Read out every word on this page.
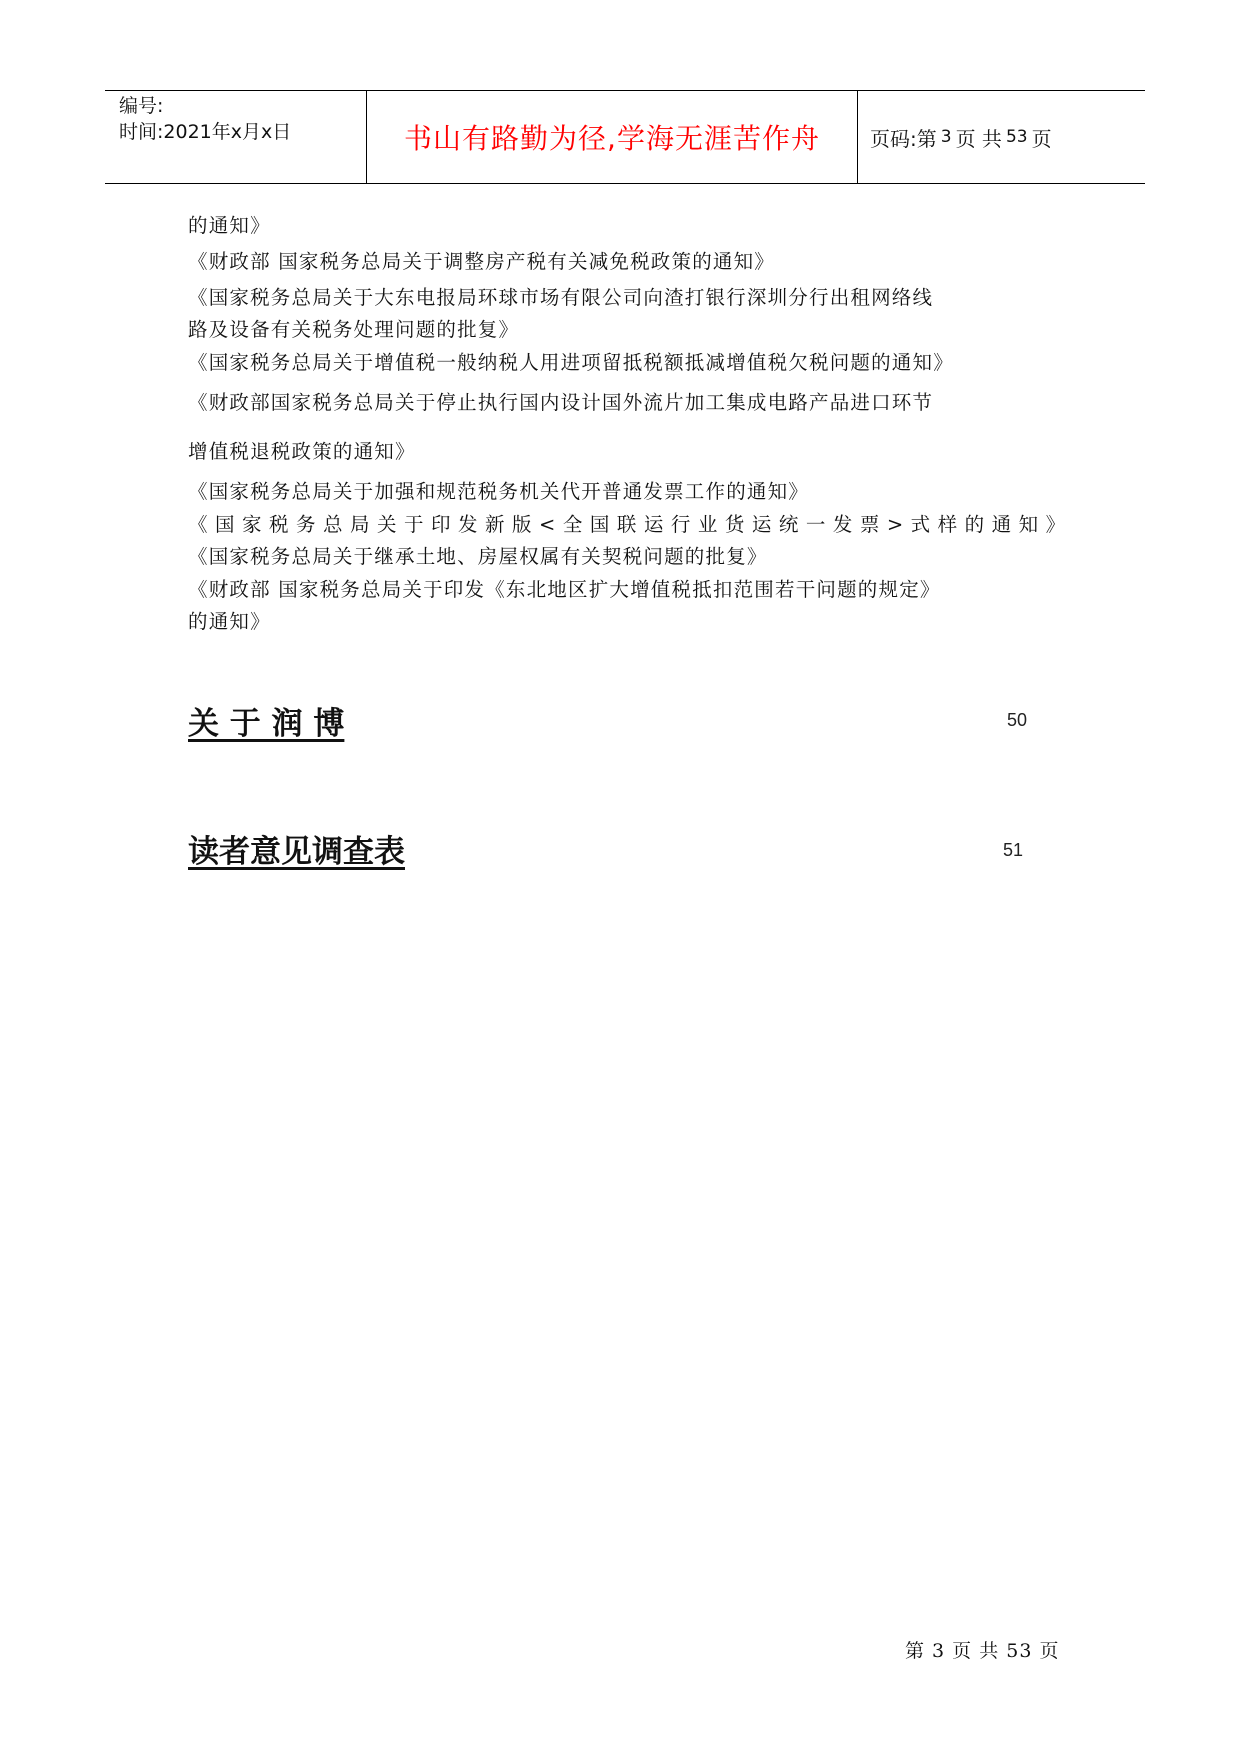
编号:
时间:2021年x月x日	书山有路勤为径,学海无涯苦作舟	页码:第 3 页 共 53 页
的通知》
《财政部 国家税务总局关于调整房产税有关减免税政策的通知》
《国家税务总局关于大东电报局环球市场有限公司向渣打银行深圳分行出租网络线
路及设备有关税务处理问题的批复》
《国家税务总局关于增值税一般纳税人用进项留抵税额抵减增值税欠税问题的通知》
《财政部国家税务总局关于停止执行国内设计国外流片加工集成电路产品进口环节
增值税退税政策的通知》
《国家税务总局关于加强和规范税务机关代开普通发票工作的通知》
《国家税务总局关于印发新版<全国联运行业货运统一发票>式样的通知》
《国家税务总局关于继承土地、房屋权属有关契税问题的批复》
《财政部 国家税务总局关于印发《东北地区扩大增值税抵扣范围若干问题的规定》
的通知》
关 于 润 博	50
读者意见调查表	51
第 3 页 共 53 页
